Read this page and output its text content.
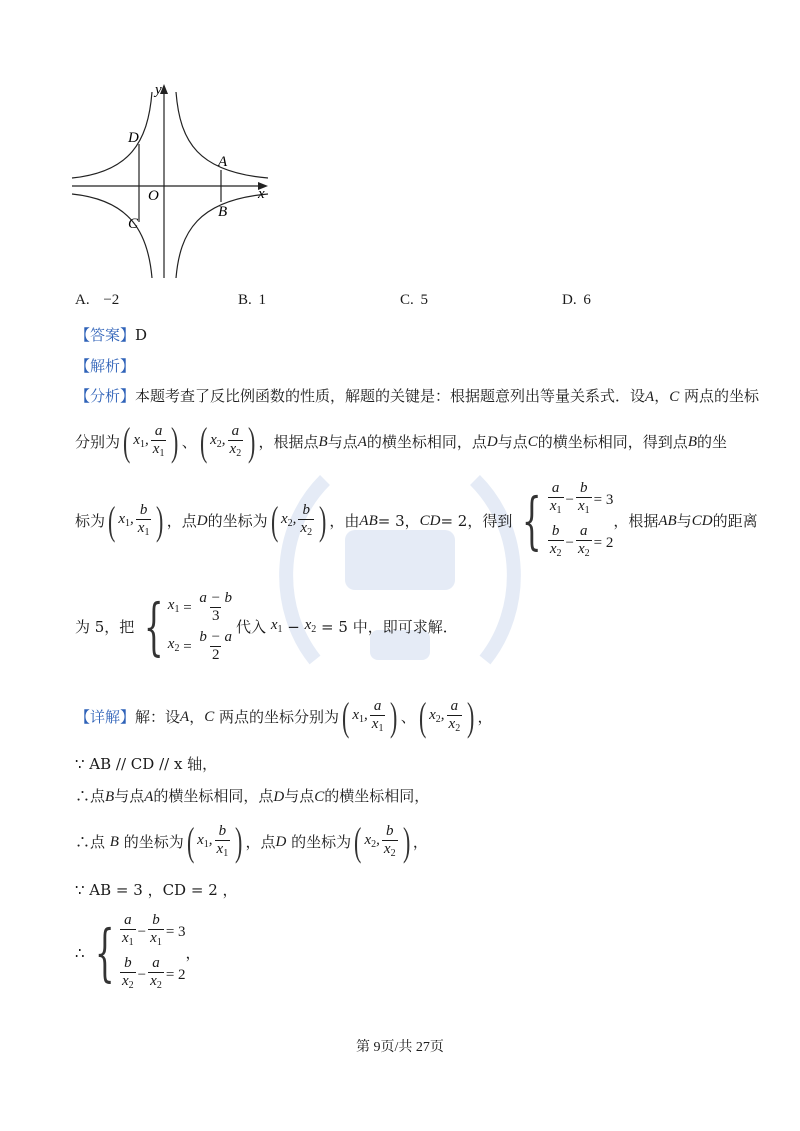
x
y
O
A
B
C
D
A. −2	B. 1	C. 5	D. 6
【答案】D
【解析】
【分析】本题考查了反比例函数的性质，解题的关键是：根据题意列出等量关系式．设A，C 两点的坐标
分别为 ( $x_1$, $\frac{a}{x_1}$ ) 、 ( $x_2$, $\frac{a}{x_2}$ ) ，根据点 B 与点 A 的横坐标相同，点 D 与点 C 的横坐标相同，得到点 B 的坐
标为 ( $x_1$, $\frac{b}{x_1}$ ) ，点 D 的坐标为 ( $x_2$, $\frac{b}{x_2}$ ) ，由 AB = 3， CD = 2 ，得到 { $\frac{a}{x_1} - \frac{b}{x_1} = 3$
$\frac{b}{x_2} - \frac{a}{x_2} = 2$
，根据 AB 与 CD 的距离
为 5，把 { $x_1 = \frac{a - b}{3}$
$x_2 = \frac{b - a}{2}$
代入
$x_1 - x_2 = 5$ 中，即可求解．
【详解】 解：设 A ， C
两点的坐标分别为 ( $x_1$, $\frac{a}{x_1}$ ) 、 ( $x_2$, $\frac{a}{x_2}$ ) ，
∵ AB // CD // x 轴，
∴点B与点A的横坐标相同，点D与点C的横坐标相同，
∴点
B
的坐标为 ( $x_1$, $\frac{b}{x_1}$ ) ，点 D
的坐标为 ( $x_2$, $\frac{b}{x_2}$ ) ，
∵ AB = 3 ，CD = 2 ，
∴ { $\frac{a}{x_1} - \frac{b}{x_1} = 3$
$\frac{b}{x_2} - \frac{a}{x_2} = 2$
，
第 9页/共 27页
